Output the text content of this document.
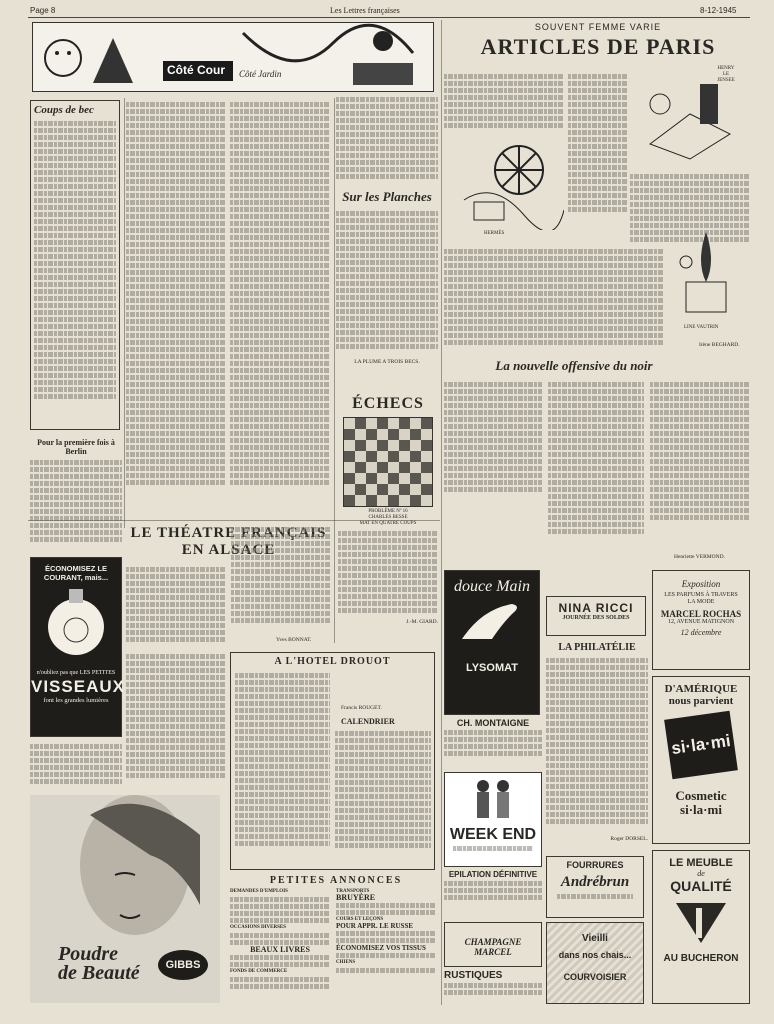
Page 8	Les Lettres françaises	8-12-1945
Côté Cour Côté Jardin
SOUVENT FEMME VARIE
ARTICLES DE PARIS
HENRY
LE
JENSEE
HERMÈS
LINE VAUTRIN
Irène BEGHARD.
Coups de bec
Sur les Planches
LA PLUME A TROIS BECS.
ÉCHECS

PROBLÈME Nº 16
CHARLES BESSE
MAT EN QUATRE COUPS
J.-M. GIARD.
Pour la première fois à Berlin
ÉCONOMISEZ LE COURANT, mais...
n'oubliez pas que LES PETITES
VISSEAUX
font les grandes lumières
Poudre
de Beauté	GIBBS
LE THÉATRE FRANÇAIS EN ALSACE
Yves BONNAT.
A L'HOTEL DROUOT
Francis ROUGET.
CALENDRIER
PETITES ANNONCES
DEMANDES D'EMPLOIS
OCCASIONS DIVERSES
BEAUX LIVRES
FONDS DE COMMERCE
TRANSPORTS
BRUYÈRE
COURS ET LEÇONS
POUR APPR. LE RUSSE
ÉCONOMISEZ VOS TISSUS
CHIENS
La nouvelle offensive du noir
Henriette VERMOND.
douce Main
LYSOMAT
NINA RICCI
JOURNÉE DES SOLDES
Exposition
LES PARFUMS À TRAVERS LA MODE
MARCEL ROCHAS
12, AVENUE MATIGNON
12 décembre
LA PHILATÉLIE
Roger DORSEL.
CH. MONTAIGNE
WEEK END
EPILATION DÉFINITIVE
CHAMPAGNE MARCEL
RUSTIQUES
FOURRURES
Andrébrun
Vieilli
dans nos chais...
COURVOISIER
D'AMÉRIQUE nous parvient
si·la·mi
Cosmetic si·la·mi
LE MEUBLE
de
QUALITÉ
AU BUCHERON
